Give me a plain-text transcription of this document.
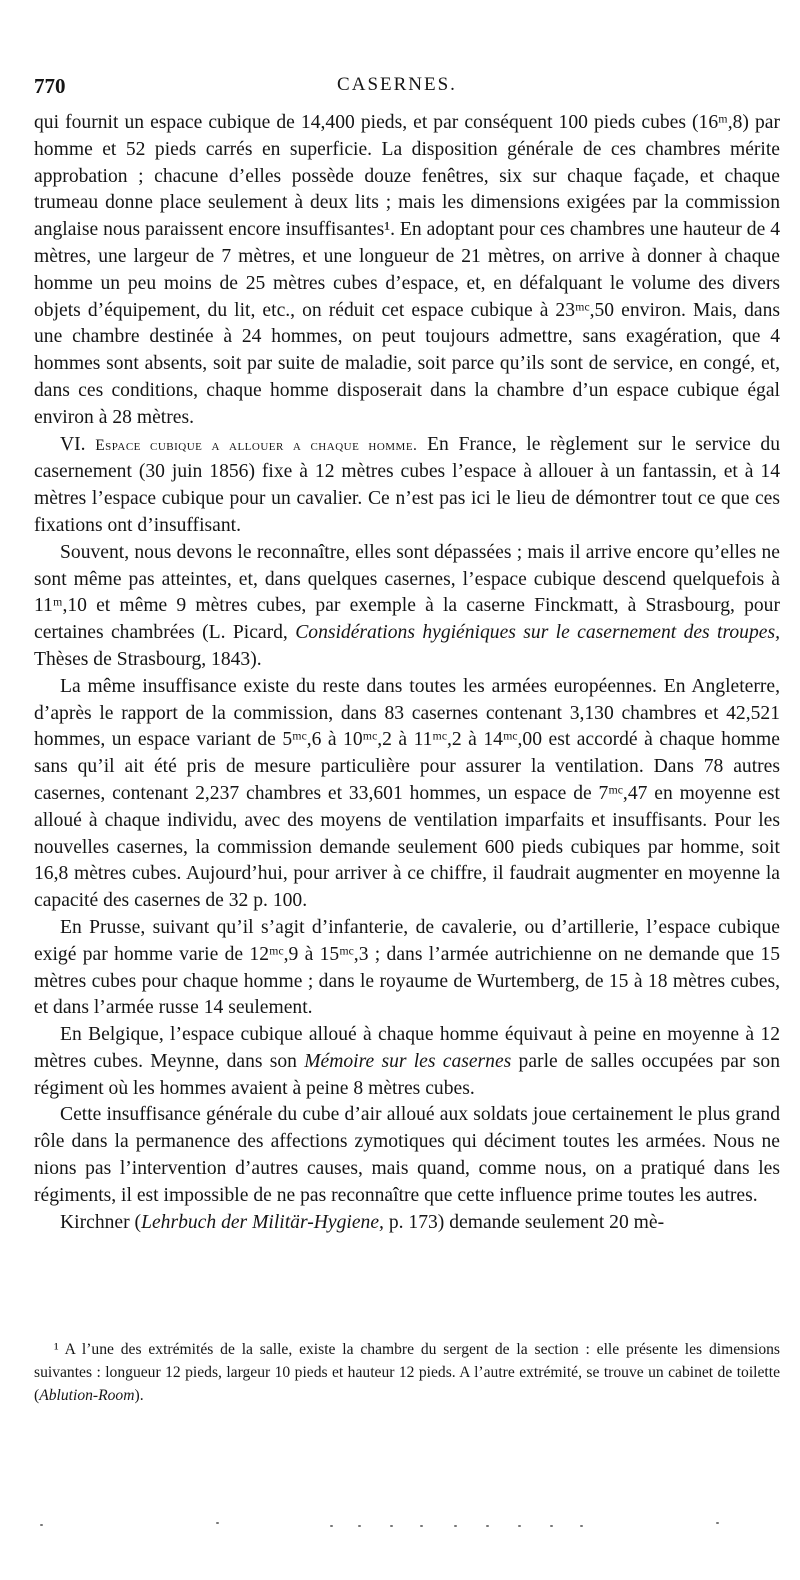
770	CASERNES.

qui fournit un espace cubique de 14,400 pieds, et par conséquent 100 pieds cubes (16ᵐ,8) par homme et 52 pieds carrés en superficie. La disposition générale de ces chambres mérite approbation ; chacune d’elles possède douze fenêtres, six sur chaque façade, et chaque trumeau donne place seulement à deux lits ; mais les dimensions exigées par la commission anglaise nous paraissent encore insuffisantes¹. En adoptant pour ces chambres une hauteur de 4 mètres, une largeur de 7 mètres, et une longueur de 21 mètres, on arrive à donner à chaque homme un peu moins de 25 mètres cubes d’espace, et, en défalquant le volume des divers objets d’équipement, du lit, etc., on réduit cet espace cubique à 23ᵐᶜ,50 environ. Mais, dans une chambre destinée à 24 hommes, on peut toujours admettre, sans exagération, que 4 hommes sont absents, soit par suite de maladie, soit parce qu’ils sont de service, en congé, et, dans ces conditions, chaque homme disposerait dans la chambre d’un espace cubique égal environ à 28 mètres.

VI. Espace cubique a allouer a chaque homme. En France, le règlement sur le service du casernement (30 juin 1856) fixe à 12 mètres cubes l’espace à allouer à un fantassin, et à 14 mètres l’espace cubique pour un cavalier. Ce n’est pas ici le lieu de démontrer tout ce que ces fixations ont d’insuffisant.

Souvent, nous devons le reconnaître, elles sont dépassées ; mais il arrive encore qu’elles ne sont même pas atteintes, et, dans quelques casernes, l’espace cubique descend quelquefois à 11ᵐ,10 et même 9 mètres cubes, par exemple à la caserne Finckmatt, à Strasbourg, pour certaines chambrées (L. Picard, Considérations hygiéniques sur le casernement des troupes, Thèses de Strasbourg, 1843).

La même insuffisance existe du reste dans toutes les armées européennes. En Angleterre, d’après le rapport de la commission, dans 83 casernes contenant 3,130 chambres et 42,521 hommes, un espace variant de 5ᵐᶜ,6 à 10ᵐᶜ,2 à 11ᵐᶜ,2 à 14ᵐᶜ,00 est accordé à chaque homme sans qu’il ait été pris de mesure particulière pour assurer la ventilation. Dans 78 autres casernes, contenant 2,237 chambres et 33,601 hommes, un espace de 7ᵐᶜ,47 en moyenne est alloué à chaque individu, avec des moyens de ventilation imparfaits et insuffisants. Pour les nouvelles casernes, la commission demande seulement 600 pieds cubiques par homme, soit 16,8 mètres cubes. Aujourd’hui, pour arriver à ce chiffre, il faudrait augmenter en moyenne la capacité des casernes de 32 p. 100.

En Prusse, suivant qu’il s’agit d’infanterie, de cavalerie, ou d’artillerie, l’espace cubique exigé par homme varie de 12ᵐᶜ,9 à 15ᵐᶜ,3 ; dans l’armée autrichienne on ne demande que 15 mètres cubes pour chaque homme ; dans le royaume de Wurtemberg, de 15 à 18 mètres cubes, et dans l’armée russe 14 seulement.

En Belgique, l’espace cubique alloué à chaque homme équivaut à peine en moyenne à 12 mètres cubes. Meynne, dans son Mémoire sur les casernes parle de salles occupées par son régiment où les hommes avaient à peine 8 mètres cubes.

Cette insuffisance générale du cube d’air alloué aux soldats joue certainement le plus grand rôle dans la permanence des affections zymotiques qui déciment toutes les armées. Nous ne nions pas l’intervention d’autres causes, mais quand, comme nous, on a pratiqué dans les régiments, il est impossible de ne pas reconnaître que cette influence prime toutes les autres.

Kirchner (Lehrbuch der Militär-Hygiene, p. 173) demande seulement 20 mè-

¹ A l’une des extrémités de la salle, existe la chambre du sergent de la section : elle présente les dimensions suivantes : longueur 12 pieds, largeur 10 pieds et hauteur 12 pieds. A l’autre extrémité, se trouve un cabinet de toilette (Ablution-Room).
